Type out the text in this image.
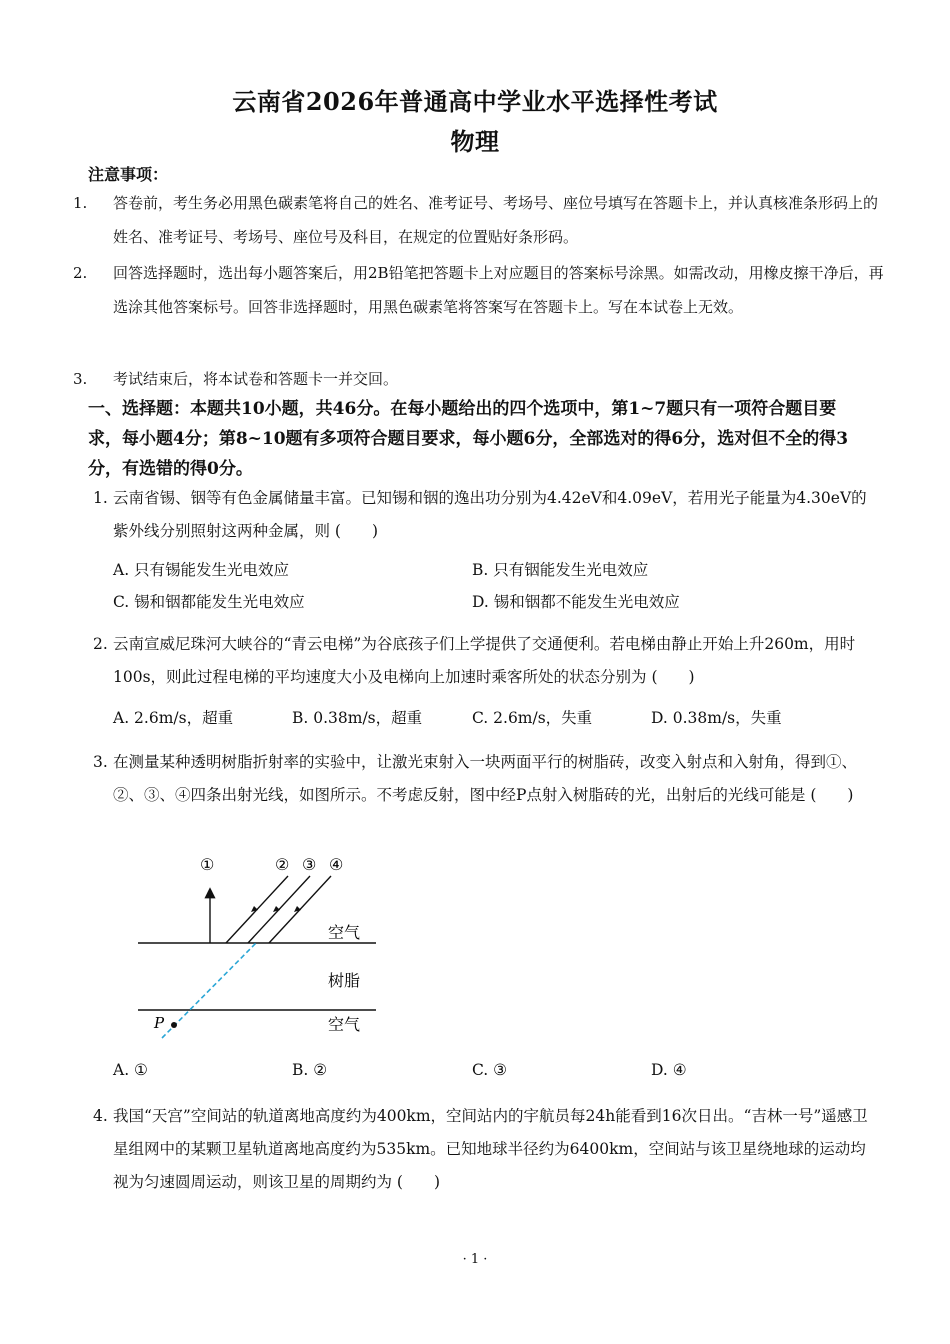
云南省2026年普通高中学业水平选择性考试
物理
注意事项：
1. 答卷前，考生务必用黑色碳素笔将自己的姓名、准考证号、考场号、座位号填写在答题卡上，并认真核准条形码上的姓名、准考证号、考场号、座位号及科目，在规定的位置贴好条形码。
2. 回答选择题时，选出每小题答案后，用2B铅笔把答题卡上对应题目的答案标号涂黑。如需改动，用橡皮擦干净后，再选涂其他答案标号。回答非选择题时，用黑色碳素笔将答案写在答题卡上。写在本试卷上无效。
3. 考试结束后，将本试卷和答题卡一并交回。
一、选择题：本题共10小题，共46分。在每小题给出的四个选项中，第1~7题只有一项符合题目要求，每小题4分；第8~10题有多项符合题目要求，每小题6分，全部选对的得6分，选对但不全的得3分，有选错的得0分。
1. 云南省锡、铟等有色金属储量丰富。已知锡和铟的逸出功分别为4.42eV和4.09eV，若用光子能量为4.30eV的紫外线分别照射这两种金属，则 (　　)
A. 只有锡能发生光电效应	B. 只有铟能发生光电效应
C. 锡和铟都能发生光电效应	D. 锡和铟都不能发生光电效应
2. 云南宣威尼珠河大峡谷的“青云电梯”为谷底孩子们上学提供了交通便利。若电梯由静止开始上升260m，用时100s，则此过程电梯的平均速度大小及电梯向上加速时乘客所处的状态分别为 (　　)
A. 2.6m/s，超重	B. 0.38m/s，超重	C. 2.6m/s，失重	D. 0.38m/s，失重
3. 在测量某种透明树脂折射率的实验中，让激光束射入一块两面平行的树脂砖，改变入射点和入射角，得到①、②、③、④四条出射光线，如图所示。不考虑反射，图中经P点射入树脂砖的光，出射后的光线可能是 (　　)
P
①	② ③ ④
空气
树脂
空气
A. ①	B. ②	C. ③	D. ④
4. 我国“天宫”空间站的轨道离地高度约为400km，空间站内的宇航员每24h能看到16次日出。“吉林一号”遥感卫星组网中的某颗卫星轨道离地高度约为535km。已知地球半径约为6400km，空间站与该卫星绕地球的运动均视为匀速圆周运动，则该卫星的周期约为 (　　)
· 1 ·
